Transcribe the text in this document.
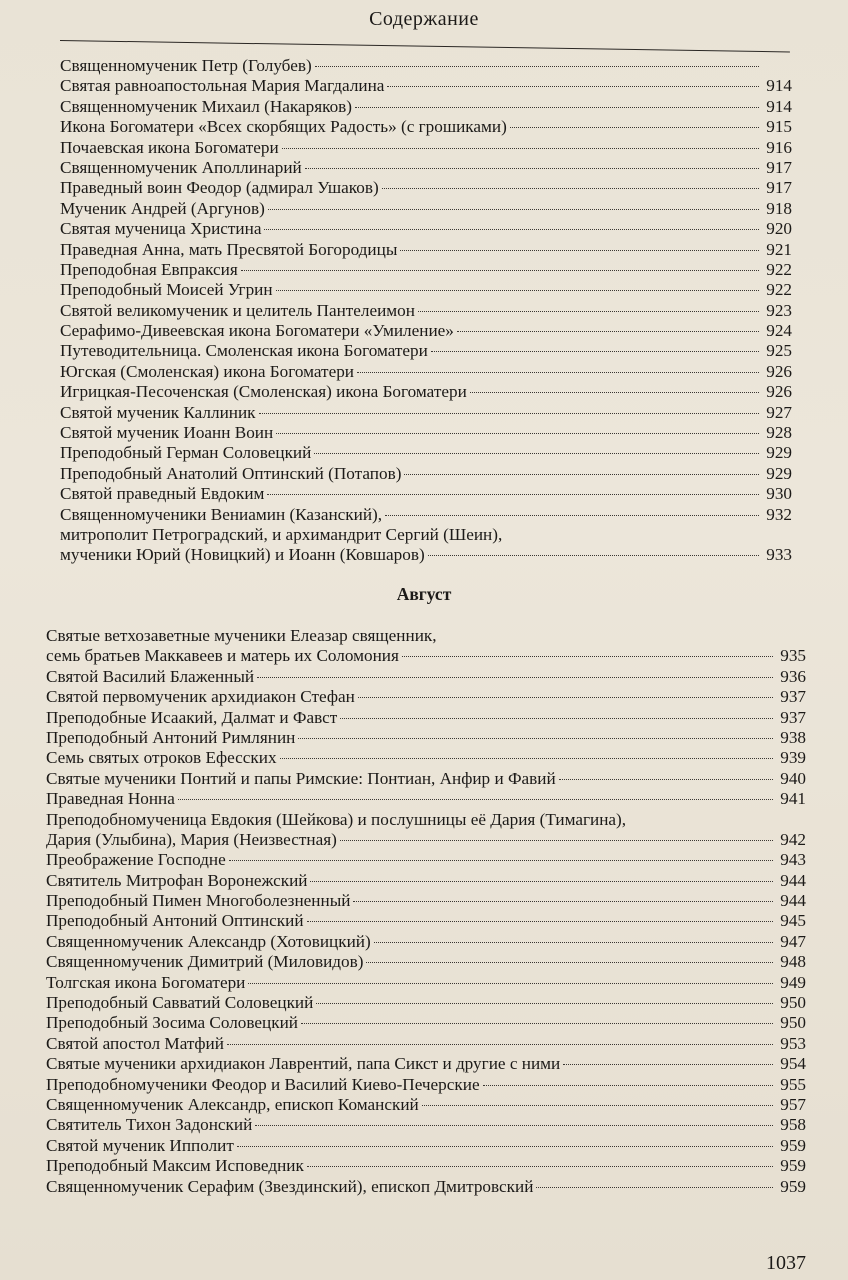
Содержание
Священномученик Петр (Голубев)
Святая равноапостольная Мария Магдалина	914
Священномученик Михаил (Накаряков)	914
Икона Богоматери «Всех скорбящих Радость» (с грошиками)	915
Почаевская икона Богоматери	916
Священномученик Аполлинарий	917
Праведный воин Феодор (адмирал Ушаков)	917
Мученик Андрей (Аргунов)	918
Святая мученица Христина	920
Праведная Анна, мать Пресвятой Богородицы	921
Преподобная Евпраксия	922
Преподобный Моисей Угрин	922
Святой великомученик и целитель Пантелеимон	923
Серафимо-Дивеевская икона Богоматери «Умиление»	924
Путеводительница. Смоленская икона Богоматери	925
Югская (Смоленская) икона Богоматери	926
Игрицкая-Песоченская (Смоленская) икона Богоматери	926
Святой мученик Каллиник	927
Святой мученик Иоанн Воин	928
Преподобный Герман Соловецкий	929
Преподобный Анатолий Оптинский (Потапов)	929
Святой праведный Евдоким	930
Священномученики Вениамин (Казанский),	932
митрополит Петроградский, и архимандрит Сергий (Шеин),
мученики Юрий (Новицкий) и Иоанн (Ковшаров)	933
Август
Святые ветхозаветные мученики Елеазар священник,
семь братьев Маккавеев и матерь их Соломония	935
Святой Василий Блаженный	936
Святой первомученик архидиакон Стефан	937
Преподобные Исаакий, Далмат и Фавст	937
Преподобный Антоний Римлянин	938
Семь святых отроков Ефесских	939
Святые мученики Понтий и папы Римские: Понтиан, Анфир и Фавий	940
Праведная Нонна	941
Преподобномученица Евдокия (Шейкова) и послушницы её Дария (Тимагина),
Дария (Улыбина), Мария (Неизвестная)	942
Преображение Господне	943
Святитель Митрофан Воронежский	944
Преподобный Пимен Многоболезненный	944
Преподобный Антоний Оптинский	945
Священномученик Александр (Хотовицкий)	947
Священномученик Димитрий (Миловидов)	948
Толгская икона Богоматери	949
Преподобный Савватий Соловецкий	950
Преподобный Зосима Соловецкий	950
Святой апостол Матфий	953
Святые мученики архидиакон Лаврентий, папа Сикст и другие с ними	954
Преподобномученики Феодор и Василий Киево-Печерские	955
Священномученик Александр, епископ Команский	957
Святитель Тихон Задонский	958
Святой мученик Ипполит	959
Преподобный Максим Исповедник	959
Священномученик Серафим (Звездинский), епископ Дмитровский	959
1037
